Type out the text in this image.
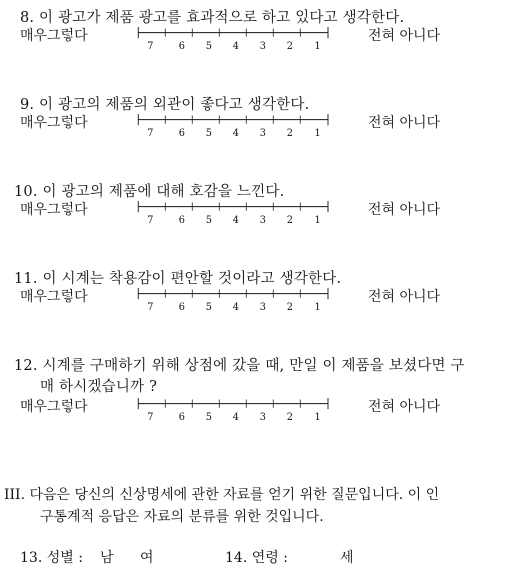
8. 이 광고가 제품 광고를 효과적으로 하고 있다고 생각한다.
매우그렇다
7 6 5 4 3 2 1
전혀 아니다
9. 이 광고의 제품의 외관이 좋다고 생각한다.
매우그렇다
7 6 5 4 3 2 1
전혀 아니다
10. 이 광고의 제품에 대해 호감을 느낀다.
매우그렇다
7 6 5 4 3 2 1
전혀 아니다
11. 이 시계는 착용감이 편안할 것이라고 생각한다.
매우그렇다
7 6 5 4 3 2 1
전혀 아니다
12. 시계를 구매하기 위해 상점에 갔을 때, 만일 이 제품을 보셨다면 구
매 하시겠습니까 ?
매우그렇다
7 6 5 4 3 2 1
전혀 아니다
III. 다음은 당신의 신상명세에 관한 자료를 얻기 위한 질문입니다. 이 인
구통계적 응답은 자료의 분류를 위한 것입니다.
13. 성별 : 남 여	14. 연령 :	세
